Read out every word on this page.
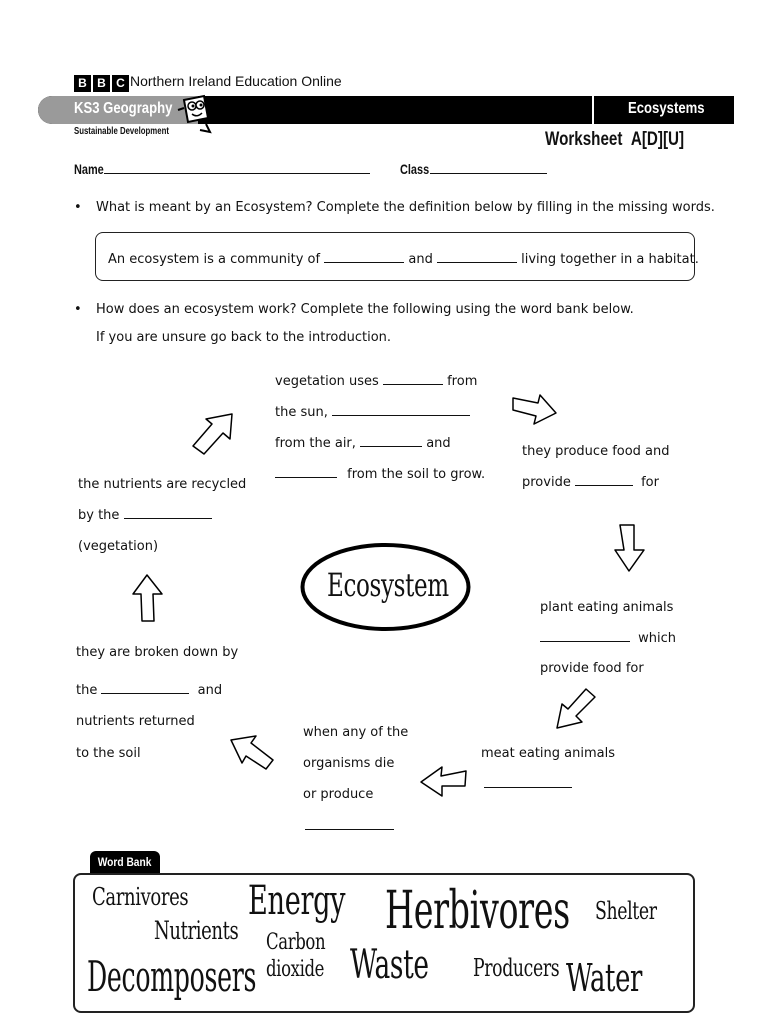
B B C Northern Ireland Education Online
KS3 Geography	Ecosystems
Sustainable Development	Worksheet A[D][U]
Name	Class
• What is meant by an Ecosystem? Complete the definition below by filling in the missing words.
An ecosystem is a community of	and	living together in a habitat.
• How does an ecosystem work? Complete the following using the word bank below.
If you are unsure go back to the introduction.
vegetation uses	from
the sun,
from the air,	and
from the soil to grow.
they produce food and
provide	for
plant eating animals
which
provide food for
meat eating animals
when any of the
organisms die
or produce
they are broken down by
the	and
nutrients returned
to the soil
the nutrients are recycled
by the
(vegetation)
Ecosystem
Word Bank
Carnivores
Nutrients
Energy
Carbon
dioxide
Herbivores Shelter
Decomposers Waste Producers Water
